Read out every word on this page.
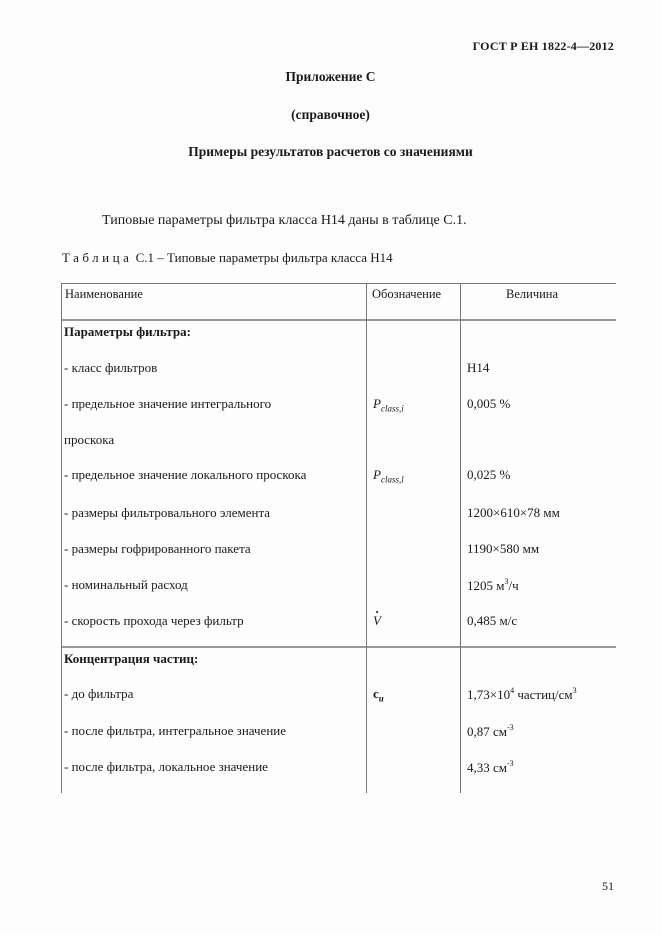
ГОСТ Р ЕН 1822-4—2012
Приложение С
(справочное)
Примеры результатов расчетов со значениями
Типовые параметры фильтра класса Н14 даны в таблице С.1.
Таблица С.1 – Типовые параметры фильтра класса Н14
Наименование	Обозначение	Величина
Параметры фильтра:
- класс фильтров	Н14
- предельное значение интегрального
проскока
$P_{class,i}$	0,005 %
- предельное значение локального проскока	$P_{class,l}$	0,025 %
- размеры фильтровального элемента	1200×610×78 мм
- размеры гофрированного пакета	1190×580 мм
- номинальный расход	1205 $м^3/ч$
- скорость прохода через фильтр
·	V	0,485 м/с
Концентрация частиц:
- до фильтра	$c_u$	$1,73\times 10^4$ частиц/$см^3$
- после фильтра, интегральное значение	0,87 $см^{-3}$
- после фильтра, локальное значение	4,33 $см^{-3}$
51
